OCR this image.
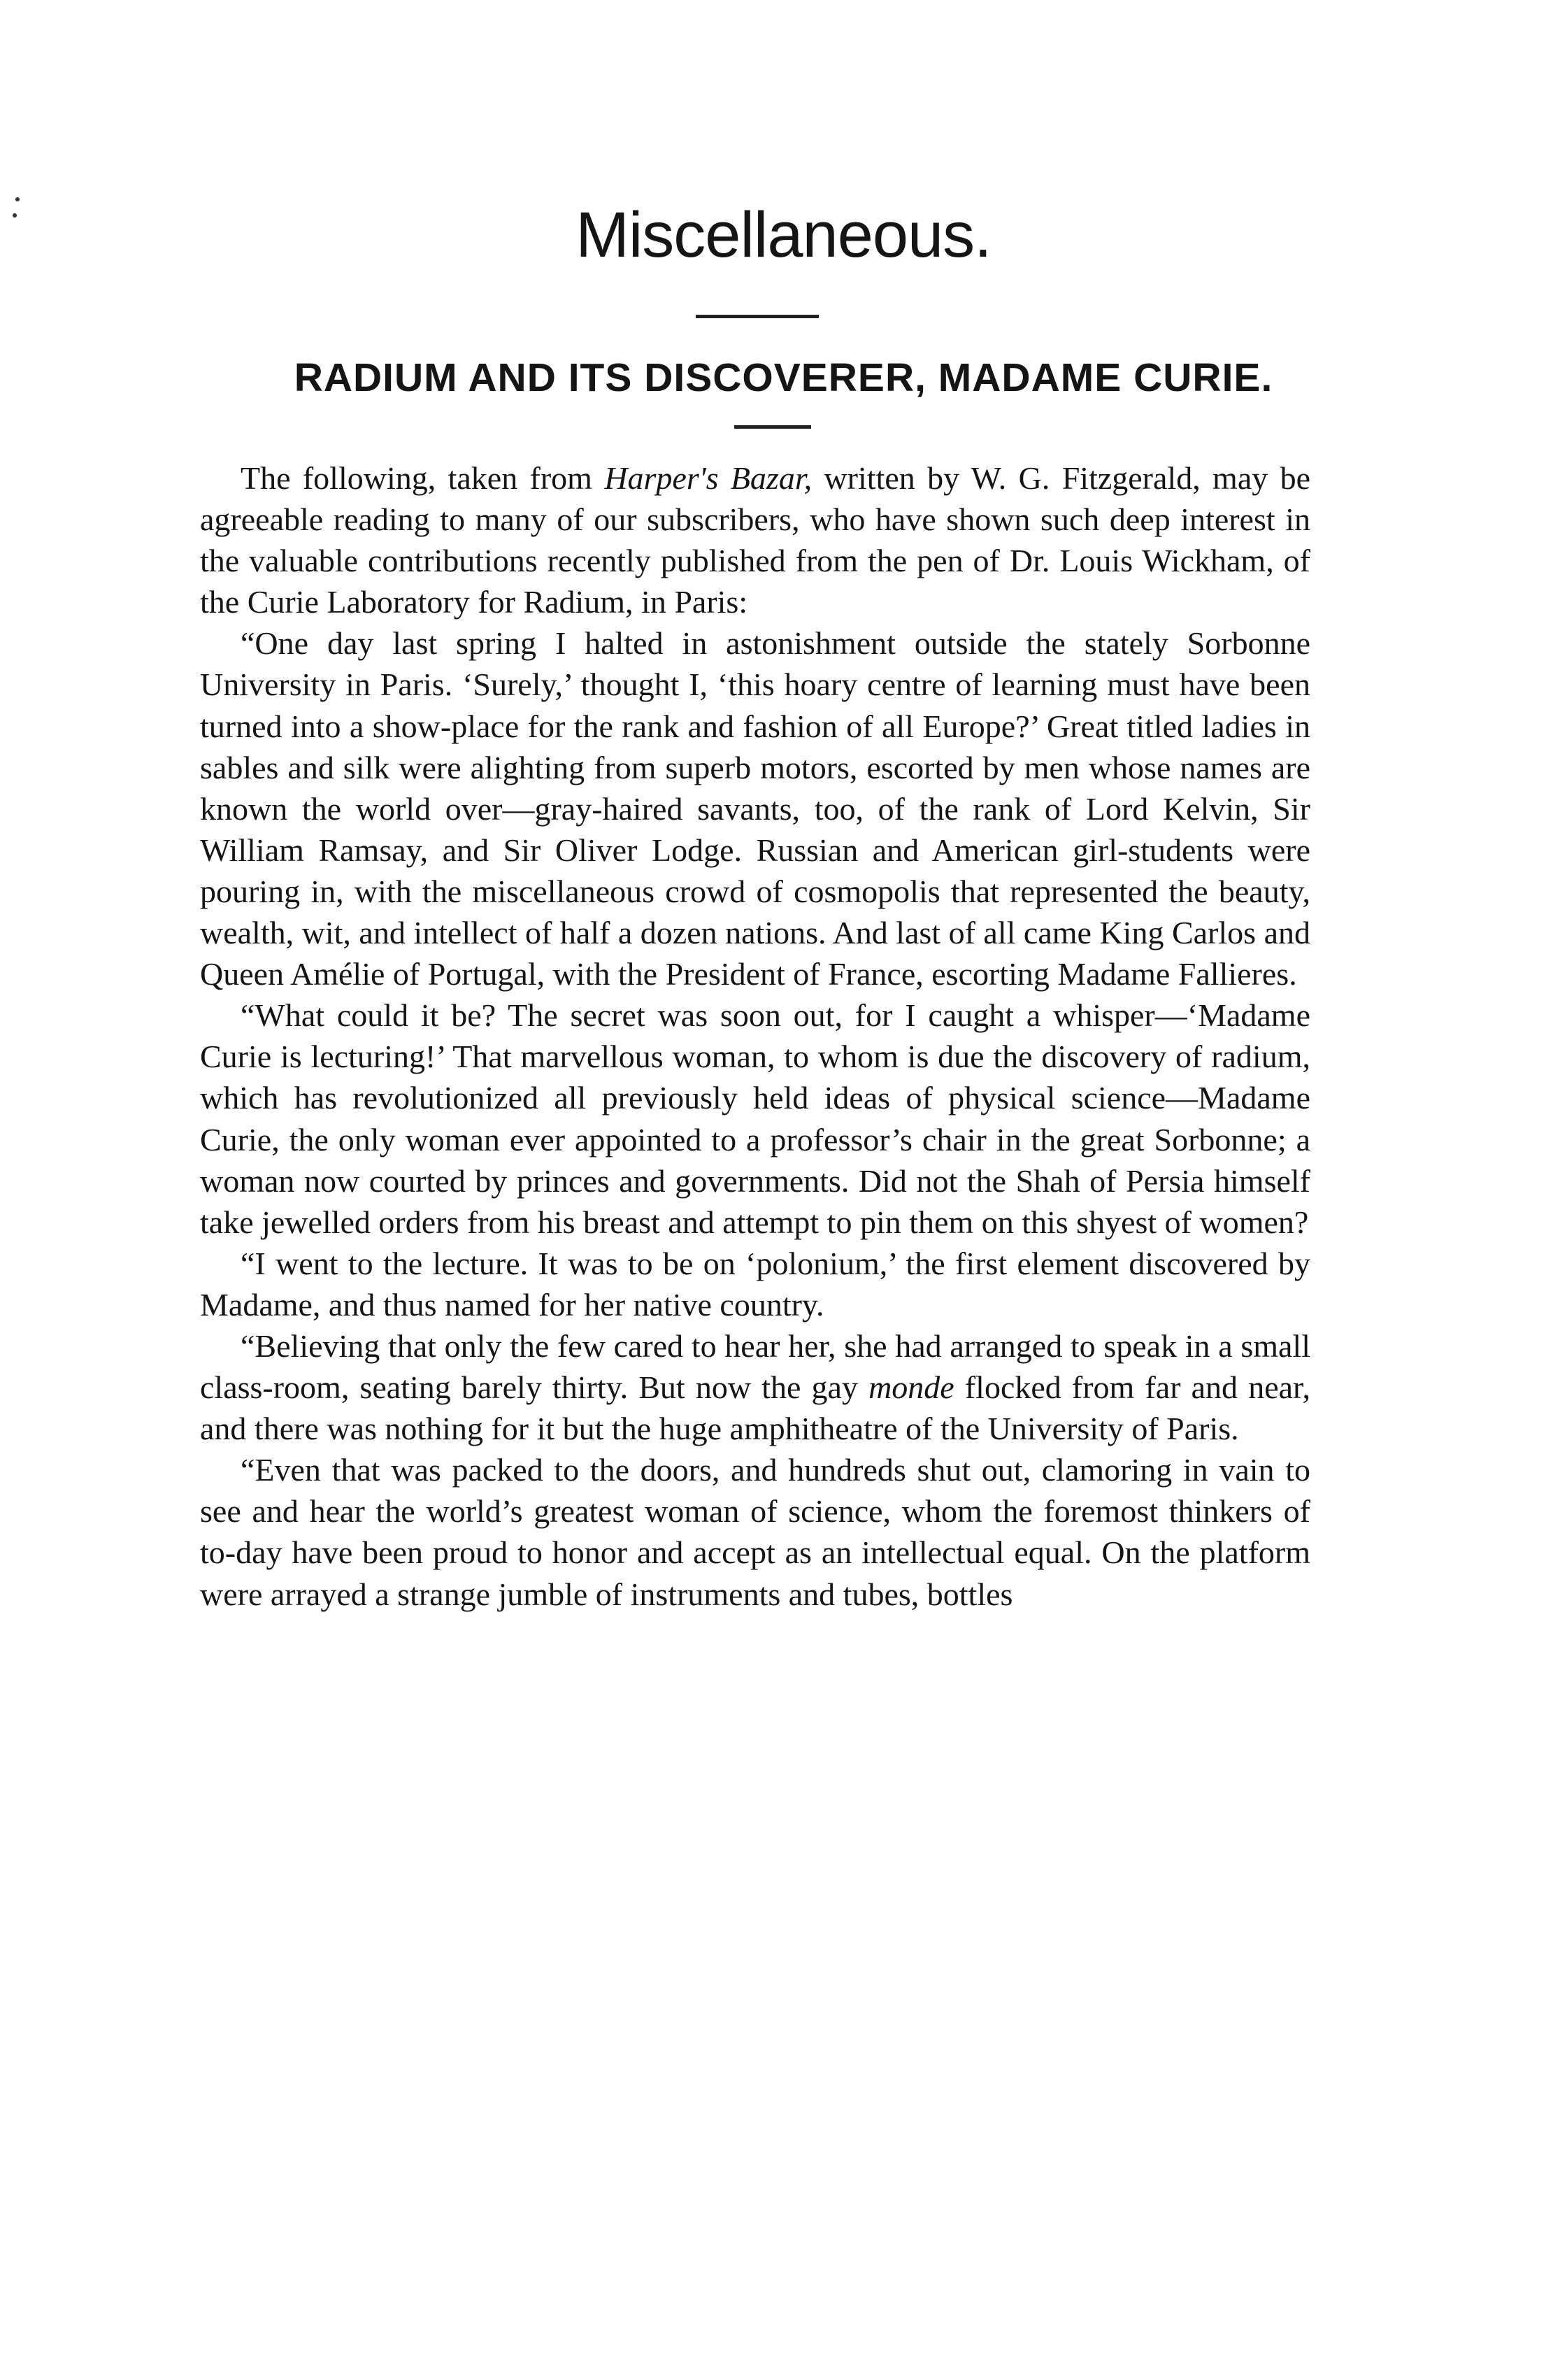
Miscellaneous.
RADIUM AND ITS DISCOVERER, MADAME CURIE.

The following, taken from Harper's Bazar, written by W. G. Fitzgerald, may be agreeable reading to many of our subscribers, who have shown such deep interest in the valuable contributions recently published from the pen of Dr. Louis Wickham, of the Curie Laboratory for Radium, in Paris:

“One day last spring I halted in astonishment outside the stately Sorbonne University in Paris. ‘Surely,’ thought I, ‘this hoary centre of learning must have been turned into a show-place for the rank and fashion of all Europe?’ Great titled ladies in sables and silk were alighting from superb motors, escorted by men whose names are known the world over—gray-haired savants, too, of the rank of Lord Kelvin, Sir William Ramsay, and Sir Oliver Lodge. Russian and American girl-students were pouring in, with the miscellaneous crowd of cosmopolis that represented the beauty, wealth, wit, and intellect of half a dozen nations. And last of all came King Carlos and Queen Amélie of Portugal, with the President of France, escorting Madame Fallieres.

“What could it be? The secret was soon out, for I caught a whisper—‘Madame Curie is lecturing!’ That marvellous woman, to whom is due the discovery of radium, which has revolutionized all previously held ideas of physical science—Madame Curie, the only woman ever appointed to a professor’s chair in the great Sorbonne; a woman now courted by princes and governments. Did not the Shah of Persia himself take jewelled orders from his breast and attempt to pin them on this shyest of women?

“I went to the lecture. It was to be on ‘polonium,’ the first element discovered by Madame, and thus named for her native country.

“Believing that only the few cared to hear her, she had arranged to speak in a small class-room, seating barely thirty. But now the gay monde flocked from far and near, and there was nothing for it but the huge amphitheatre of the University of Paris.

“Even that was packed to the doors, and hundreds shut out, clamoring in vain to see and hear the world’s greatest woman of science, whom the foremost thinkers of to-day have been proud to honor and accept as an intellectual equal. On the platform were arrayed a strange jumble of instruments and tubes, bottles
